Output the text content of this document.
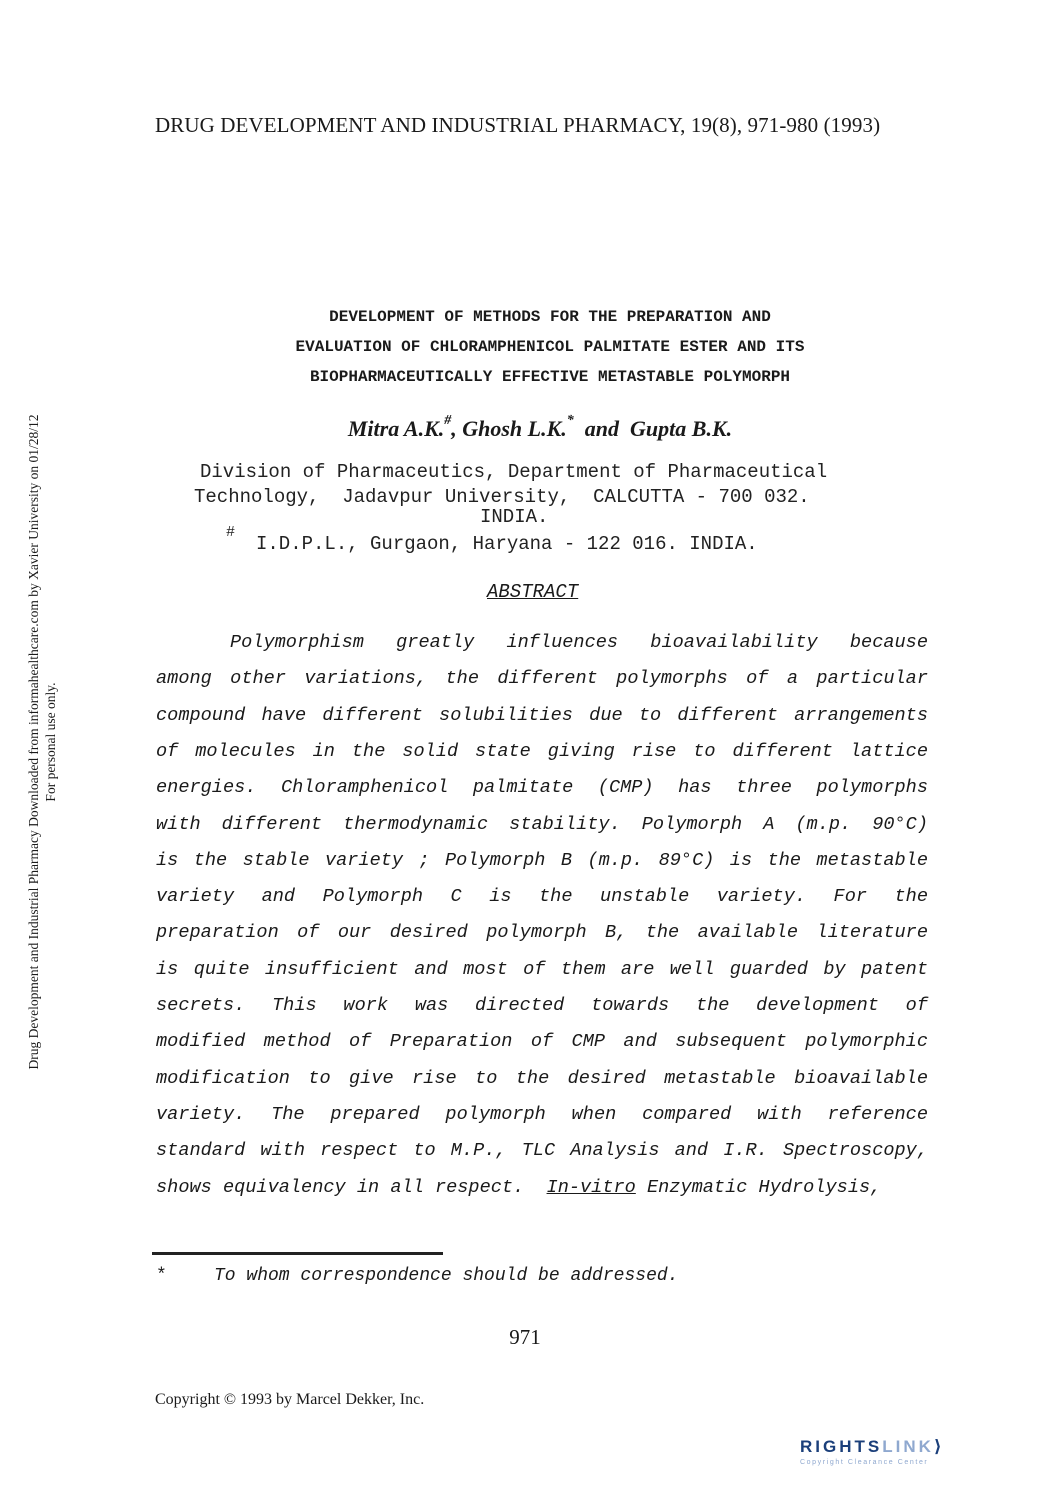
DRUG DEVELOPMENT AND INDUSTRIAL PHARMACY, 19(8), 971-980 (1993)
Drug Development and Industrial Pharmacy Downloaded from informahealthcare.com by Xavier University on 01/28/12 For personal use only.
DEVELOPMENT OF METHODS FOR THE PREPARATION AND
EVALUATION OF CHLORAMPHENICOL PALMITATE ESTER AND ITS
BIOPHARMACEUTICALLY EFFECTIVE METASTABLE POLYMORPH
Mitra A.K.#, Ghosh L.K.*  and  Gupta B.K.
Division of Pharmaceutics, Department of Pharmaceutical
Technology,  Jadavpur University,  CALCUTTA - 700 032.
INDIA.
#
I.D.P.L., Gurgaon, Haryana - 122 016. INDIA.
ABSTRACT
Polymorphism greatly influences bioavailability because
among other variations, the different polymorphs of a particular
compound have different solubilities due to different arrangements
of molecules in the solid state giving rise to different lattice
energies. Chloramphenicol palmitate (CMP) has three polymorphs
with different thermodynamic stability. Polymorph A (m.p. 90°C)
is the stable variety ; Polymorph B (m.p. 89°C) is the metastable
variety and Polymorph C is the unstable variety. For the
preparation of our desired polymorph B, the available literature
is quite insufficient and most of them are well guarded by patent
secrets. This work was directed towards the development of
modified method of Preparation of CMP and subsequent polymorphic
modification to give rise to the desired metastable bioavailable
variety. The prepared polymorph when compared with reference
standard with respect to M.P., TLC Analysis and I.R. Spectroscopy,
shows equivalency in all respect.  In-vitro Enzymatic Hydrolysis,
*	To whom correspondence should be addressed.
971
Copyright © 1993 by Marcel Dekker, Inc.
RIGHTSLINK⟩
Copyright Clearance Center
